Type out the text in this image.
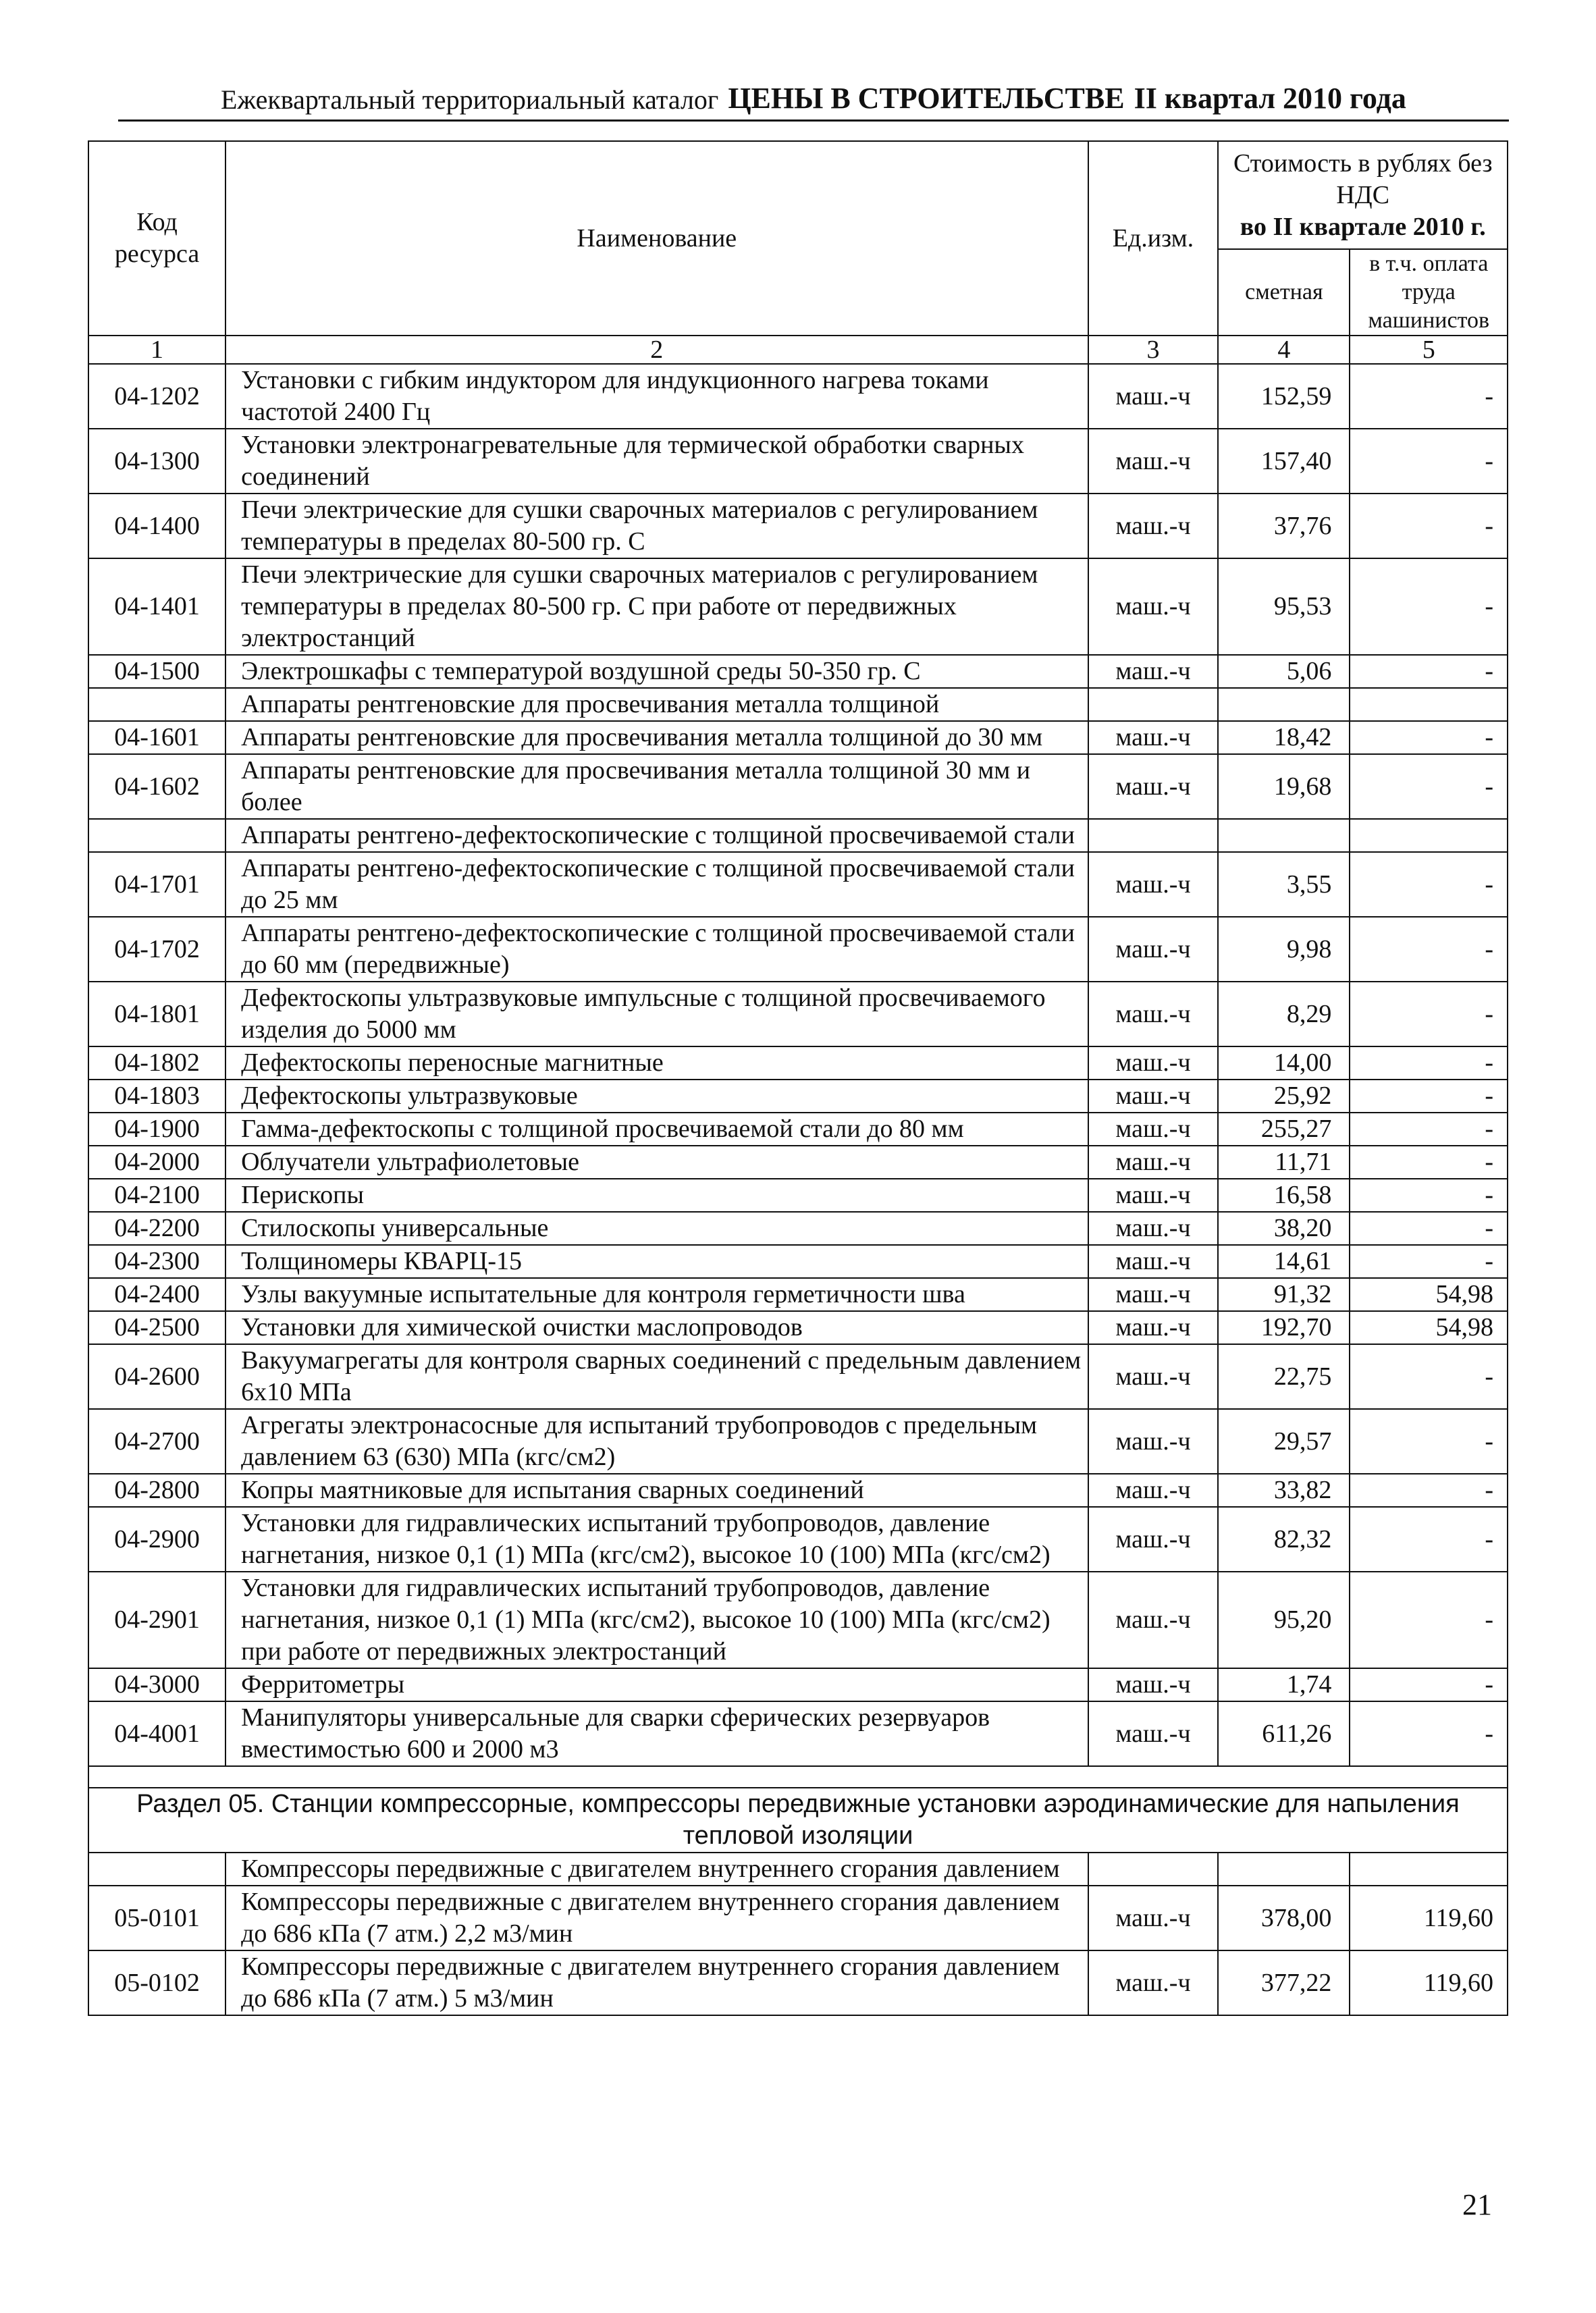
Ежеквартальный территориальный каталог ЦЕНЫ В СТРОИТЕЛЬСТВЕ II квартал 2010 года
Код ресурса	Наименование	Ед.изм.	Стоимость в рублях без НДС
во II квартале 2010 г.	

			сметная	в т.ч. оплата труда машинистов
1	2	3	4	5
04-1202	Установки с гибким индуктором для индукционного нагрева токами частотой 2400 Гц	маш.-ч	152,59	-
04-1300	Установки электронагревательные для термической обработки сварных соединений	маш.-ч	157,40	-
04-1400	Печи электрические для сушки сварочных материалов с регулированием температуры в пределах 80-500 гр. С	маш.-ч	37,76	-
04-1401	Печи электрические для сушки сварочных материалов с регулированием температуры в пределах 80-500 гр. С при работе от передвижных электростанций	маш.-ч	95,53	-
04-1500	Электрошкафы с температурой воздушной среды 50-350 гр. С	маш.-ч	5,06	-
	Аппараты рентгеновские для просвечивания металла толщиной			
04-1601	Аппараты рентгеновские для просвечивания металла толщиной до 30 мм	маш.-ч	18,42	-
04-1602	Аппараты рентгеновские для просвечивания металла толщиной 30 мм и более	маш.-ч	19,68	-
	Аппараты рентгено-дефектоскопические с толщиной просвечиваемой стали			
04-1701	Аппараты рентгено-дефектоскопические с толщиной просвечиваемой стали до 25 мм	маш.-ч	3,55	-
04-1702	Аппараты рентгено-дефектоскопические с толщиной просвечиваемой стали до 60 мм (передвижные)	маш.-ч	9,98	-
04-1801	Дефектоскопы ультразвуковые импульсные с толщиной просвечиваемого изделия до 5000 мм	маш.-ч	8,29	-
04-1802	Дефектоскопы переносные магнитные	маш.-ч	14,00	-
04-1803	Дефектоскопы ультразвуковые	маш.-ч	25,92	-
04-1900	Гамма-дефектоскопы с толщиной просвечиваемой стали до 80 мм	маш.-ч	255,27	-
04-2000	Облучатели ультрафиолетовые	маш.-ч	11,71	-
04-2100	Перископы	маш.-ч	16,58	-
04-2200	Стилоскопы универсальные	маш.-ч	38,20	-
04-2300	Толщиномеры КВАРЦ-15	маш.-ч	14,61	-
04-2400	Узлы вакуумные испытательные для контроля герметичности шва	маш.-ч	91,32	54,98
04-2500	Установки для химической очистки маслопроводов	маш.-ч	192,70	54,98
04-2600	Вакуумагрегаты для контроля сварных соединений с предельным давлением 6х10 МПа	маш.-ч	22,75	-
04-2700	Агрегаты электронасосные для испытаний трубопроводов с предельным давлением 63 (630) МПа (кгс/см2)	маш.-ч	29,57	-
04-2800	Копры маятниковые для испытания сварных соединений	маш.-ч	33,82	-
04-2900	Установки для гидравлических испытаний трубопроводов, давление нагнетания, низкое 0,1 (1) МПа (кгс/см2), высокое 10 (100) МПа (кгс/см2)	маш.-ч	82,32	-
04-2901	Установки для гидравлических испытаний трубопроводов, давление нагнетания, низкое 0,1 (1) МПа (кгс/см2), высокое 10 (100) МПа (кгс/см2) при работе от передвижных электростанций	маш.-ч	95,20	-
04-3000	Ферритометры	маш.-ч	1,74	-
04-4001	Манипуляторы универсальные для сварки сферических резервуаров вместимостью 600 и 2000 м3	маш.-ч	611,26	-

Раздел 05. Станции компрессорные, компрессоры передвижные установки аэродинамические для напыления тепловой изоляции				
	Компрессоры передвижные с двигателем внутреннего сгорания давлением			
05-0101	Компрессоры передвижные с двигателем внутреннего сгорания давлением до 686 кПа (7 атм.) 2,2 м3/мин	маш.-ч	378,00	119,60
05-0102	Компрессоры передвижные с двигателем внутреннего сгорания давлением до 686 кПа (7 атм.) 5 м3/мин	маш.-ч	377,22	119,60
21
